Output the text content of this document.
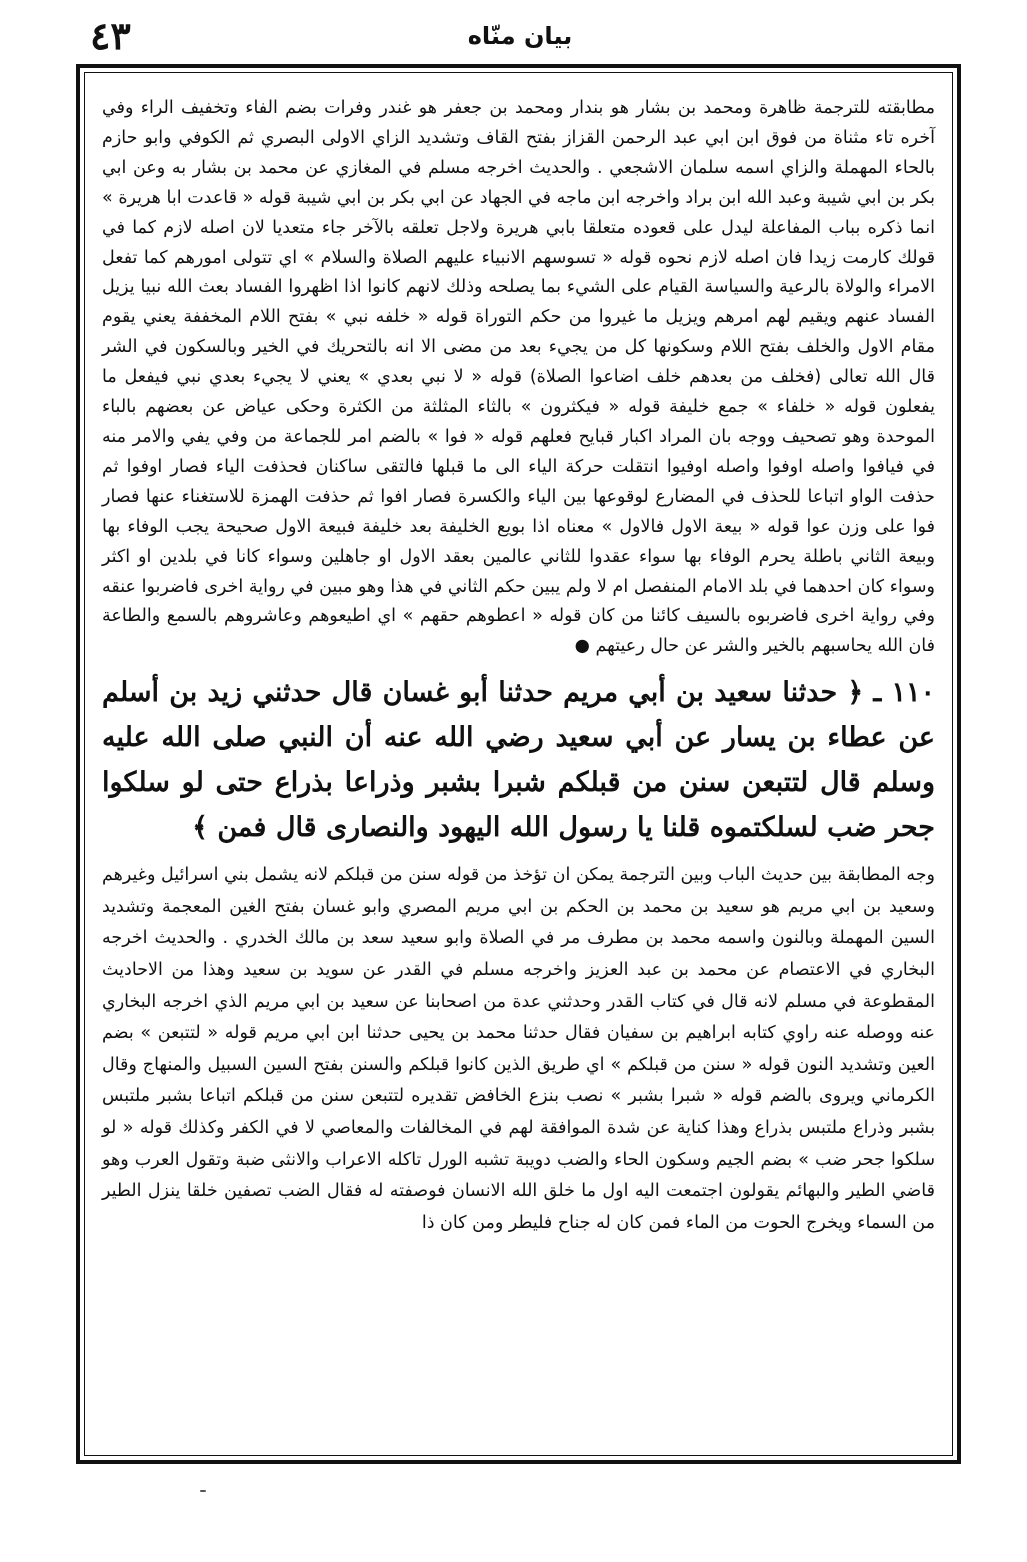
٤٣	بيان منّاه

مطابقته للترجمة ظاهرة ومحمد بن بشار هو بندار ومحمد بن جعفر هو غندر وفرات بضم الفاء وتخفيف الراء وفي آخره تاء مثناة من فوق ابن ابي عبد الرحمن القزاز بفتح القاف وتشديد الزاي الاولى البصري ثم الكوفي وابو حازم بالحاء المهملة والزاي اسمه سلمان الاشجعي . والحديث اخرجه مسلم في المغازي عن محمد بن بشار به وعن ابي بكر بن ابي شيبة وعبد الله ابن براد واخرجه ابن ماجه في الجهاد عن ابي بكر بن ابي شيبة قوله « قاعدت ابا هريرة » انما ذكره بباب المفاعلة ليدل على قعوده متعلقا بابي هريرة ولاجل تعلقه بالآخر جاء متعديا لان اصله لازم كما في قولك كارمت زيدا فان اصله لازم نحوه قوله « تسوسهم الانبياء عليهم الصلاة والسلام » اي تتولى امورهم كما تفعل الامراء والولاة بالرعية والسياسة القيام على الشيء بما يصلحه وذلك لانهم كانوا اذا اظهروا الفساد بعث الله نبيا يزيل الفساد عنهم ويقيم لهم امرهم ويزيل ما غيروا من حكم التوراة قوله « خلفه نبي » بفتح اللام المخففة يعني يقوم مقام الاول والخلف بفتح اللام وسكونها كل من يجيء بعد من مضى الا انه بالتحريك في الخير وبالسكون في الشر قال الله تعالى (فخلف من بعدهم خلف اضاعوا الصلاة) قوله « لا نبي بعدي » يعني لا يجيء بعدي نبي فيفعل ما يفعلون قوله « خلفاء » جمع خليفة قوله « فيكثرون » بالثاء المثلثة من الكثرة وحكى عياض عن بعضهم بالباء الموحدة وهو تصحيف ووجه بان المراد اكبار قبايح فعلهم قوله « فوا » بالضم امر للجماعة من وفي يفي والامر منه في فيافوا واصله اوفوا واصله اوفيوا انتقلت حركة الياء الى ما قبلها فالتقى ساكنان فحذفت الياء فصار اوفوا ثم حذفت الواو اتباعا للحذف في المضارع لوقوعها بين الياء والكسرة فصار افوا ثم حذفت الهمزة للاستغناء عنها فصار فوا على وزن عوا قوله « بيعة الاول فالاول » معناه اذا بويع الخليفة بعد خليفة فبيعة الاول صحيحة يجب الوفاء بها وبيعة الثاني باطلة يحرم الوفاء بها سواء عقدوا للثاني عالمين بعقد الاول او جاهلين وسواء كانا في بلدين او اكثر وسواء كان احدهما في بلد الامام المنفصل ام لا ولم يبين حكم الثاني في هذا وهو مبين في رواية اخرى فاضربوا عنقه وفي رواية اخرى فاضربوه بالسيف كائنا من كان قوله « اعطوهم حقهم » اي اطيعوهم وعاشروهم بالسمع والطاعة فان الله يحاسبهم بالخير والشر عن حال رعيتهم ●

١١٠ ـ ﴿ حدثنا سعيد بن أبي مريم حدثنا أبو غسان قال حدثني زيد بن أسلم عن عطاء بن يسار عن أبي سعيد رضي الله عنه أن النبي صلى الله عليه وسلم قال لتتبعن سنن من قبلكم شبرا بشبر وذراعا بذراع حتى لو سلكوا جحر ضب لسلكتموه قلنا يا رسول الله اليهود والنصارى قال فمن ﴾

وجه المطابقة بين حديث الباب وبين الترجمة يمكن ان تؤخذ من قوله سنن من قبلكم لانه يشمل بني اسرائيل وغيرهم وسعيد بن ابي مريم هو سعيد بن محمد بن الحكم بن ابي مريم المصري وابو غسان بفتح الغين المعجمة وتشديد السين المهملة وبالنون واسمه محمد بن مطرف مر في الصلاة وابو سعيد سعد بن مالك الخدري . والحديث اخرجه البخاري في الاعتصام عن محمد بن عبد العزيز واخرجه مسلم في القدر عن سويد بن سعيد وهذا من الاحاديث المقطوعة في مسلم لانه قال في كتاب القدر وحدثني عدة من اصحابنا عن سعيد بن ابي مريم الذي اخرجه البخاري عنه ووصله عنه راوي كتابه ابراهيم بن سفيان فقال حدثنا محمد بن يحيى حدثنا ابن ابي مريم قوله « لتتبعن » بضم العين وتشديد النون قوله « سنن من قبلكم » اي طريق الذين كانوا قبلكم والسنن بفتح السين السبيل والمنهاج وقال الكرماني ويروى بالضم قوله « شبرا بشبر » نصب بنزع الخافض تقديره لتتبعن سنن من قبلكم اتباعا بشبر ملتبس بشبر وذراع ملتبس بذراع وهذا كناية عن شدة الموافقة لهم في المخالفات والمعاصي لا في الكفر وكذلك قوله « لو سلكوا جحر ضب » بضم الجيم وسكون الحاء والضب دويبة تشبه الورل تاكله الاعراب والانثى ضبة وتقول العرب وهو قاضي الطير والبهائم يقولون اجتمعت اليه اول ما خلق الله الانسان فوصفته له فقال الضب تصفين خلقا ينزل الطير من السماء ويخرج الحوت من الماء فمن كان له جناح فليطر ومن كان ذا
